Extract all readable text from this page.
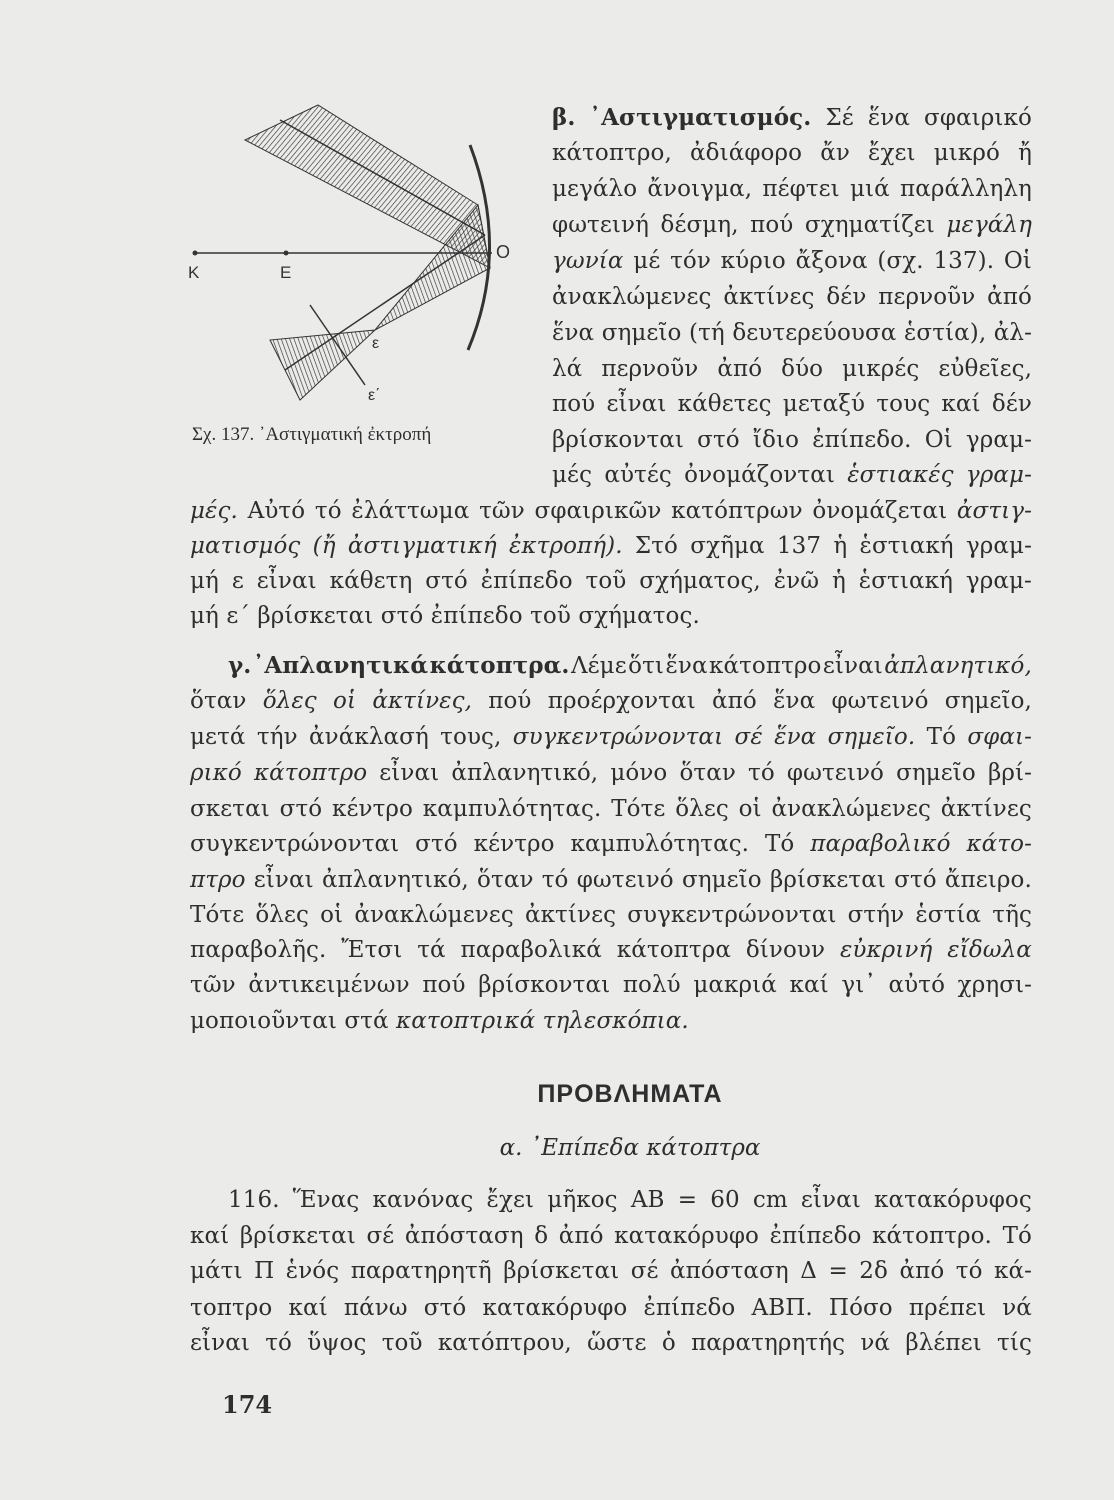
Κ	Ε
Ο
ε
ε΄
Σχ. 137. ᾽Αστιγματική ἐκτροπή
β. ᾽Αστιγματισμός. Σέ ἕνα σφαιρικό
κάτοπτρο, ἀδιάφορο ἄν ἔχει μικρό ἤ
μεγάλο ἄνοιγμα, πέφτει μιά παράλληλη
φωτεινή δέσμη, πού σχηματίζει μεγάλη
γωνία μέ τόν κύριο ἄξονα (σχ. 137). Οἱ
ἀνακλώμενες ἀκτίνες δέν περνοῦν ἀπό
ἕνα σημεῖο (τή δευτερεύουσα ἑστία), ἀλ-
λά περνοῦν ἀπό δύο μικρές εὐθεῖες,
πού εἶναι κάθετες μεταξύ τους καί δέν
βρίσκονται στό ἴδιο ἐπίπεδο. Οἱ γραμ-
μές αὐτές ὀνομάζονται ἑστιακές γραμ-
μές. Αὐτό τό ἐλάττωμα τῶν σφαιρικῶν κατόπτρων ὀνομάζεται ἀστιγ-
ματισμός (ἤ ἀστιγματική ἐκτροπή). Στό σχῆμα 137 ἡ ἑστιακή γραμ-
μή ε εἶναι κάθετη στό ἐπίπεδο τοῦ σχήματος, ἐνῶ ἡ ἑστιακή γραμ-
μή ε΄ βρίσκεται στό ἐπίπεδο τοῦ σχήματος.
γ. ᾽Απλανητικά κάτοπτρα. Λέμε ὅτι ἕνα κάτοπτρο εἶναι ἀπλανητικό,
ὅταν ὅλες οἱ ἀκτίνες, πού προέρχονται ἀπό ἕνα φωτεινό σημεῖο,
μετά τήν ἀνάκλασή τους, συγκεντρώνονται σέ ἕνα σημεῖο. Τό σφαι-
ρικό κάτοπτρο εἶναι ἀπλανητικό, μόνο ὅταν τό φωτεινό σημεῖο βρί-
σκεται στό κέντρο καμπυλότητας. Τότε ὅλες οἱ ἀνακλώμενες ἀκτίνες
συγκεντρώνονται στό κέντρο καμπυλότητας. Τό παραβολικό κάτο-
πτρο εἶναι ἀπλανητικό, ὅταν τό φωτεινό σημεῖο βρίσκεται στό ἄπειρο.
Τότε ὅλες οἱ ἀνακλώμενες ἀκτίνες συγκεντρώνονται στήν ἑστία τῆς
παραβολῆς. Ἔτσι τά παραβολικά κάτοπτρα δίνουν εὐκρινή εἴδωλα
τῶν ἀντικειμένων πού βρίσκονται πολύ μακριά καί γι᾽ αὐτό χρησι-
μοποιοῦνται στά κατοπτρικά τηλεσκόπια.
116. Ἕνας κανόνας ἔχει μῆκος ΑΒ = 60 cm εἶναι κατακόρυφος
καί βρίσκεται σέ ἀπόσταση δ ἀπό κατακόρυφο ἐπίπεδο κάτοπτρο. Τό
μάτι Π ἑνός παρατηρητῆ βρίσκεται σέ ἀπόσταση Δ = 2δ ἀπό τό κά-
τοπτρο καί πάνω στό κατακόρυφο ἐπίπεδο ΑΒΠ. Πόσο πρέπει νά
εἶναι τό ὕψος τοῦ κατόπτρου, ὥστε ὁ παρατηρητής νά βλέπει τίς
ΠΡΟΒΛΗΜΑΤΑ
α. ᾽Επίπεδα κάτοπτρα
174
